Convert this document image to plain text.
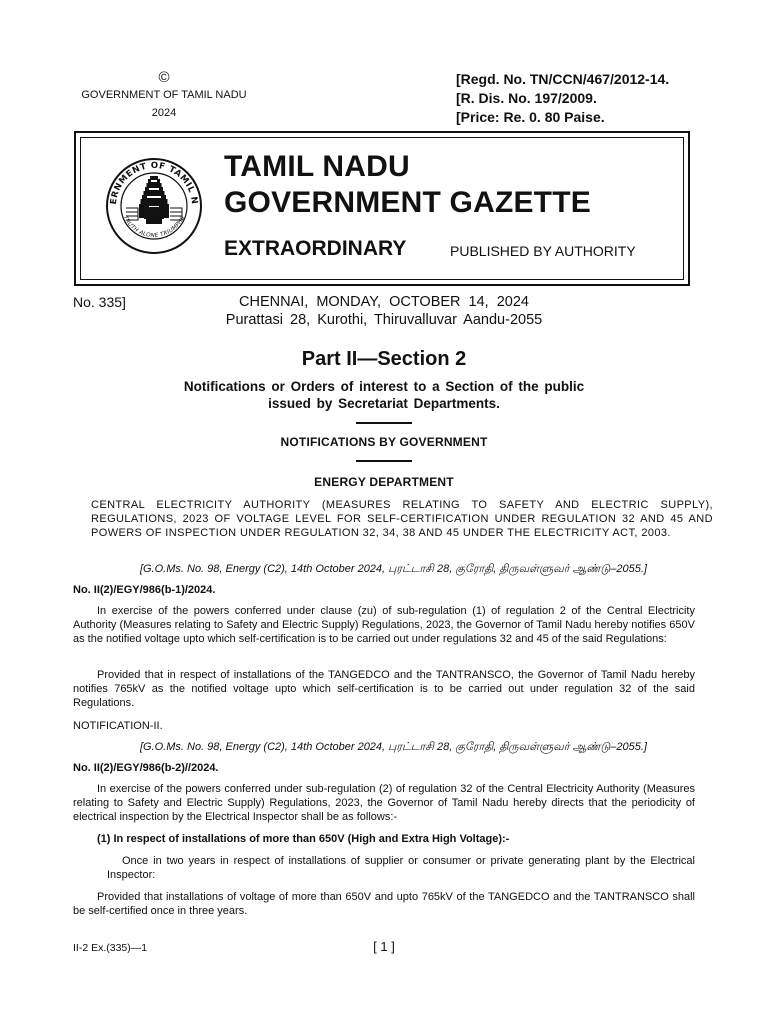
©
GOVERNMENT OF TAMIL NADU
2024
[Regd. No. TN/CCN/467/2012-14.
[R. Dis. No. 197/2009.
[Price: Re. 0. 80 Paise.
ERNMENT OF TAMIL N
TRUTH ALONE TRIUMPHS
TAMIL NADU
GOVERNMENT GAZETTE
EXTRAORDINARY	PUBLISHED BY AUTHORITY
No. 335]	CHENNAI, MONDAY, OCTOBER 14, 2024
Purattasi 28, Kurothi, Thiruvalluvar Aandu-2055
Part II—Section 2
Notifications or Orders of interest to a Section of the public
issued by Secretariat Departments.
NOTIFICATIONS BY GOVERNMENT
ENERGY DEPARTMENT
CENTRAL ELECTRICITY AUTHORITY (MEASURES RELATING TO SAFETY AND ELECTRIC SUPPLY), REGULATIONS, 2023 OF VOLTAGE LEVEL FOR SELF-CERTIFICATION UNDER REGULATION 32 AND 45 AND POWERS OF INSPECTION UNDER REGULATION 32, 34, 38 AND 45 UNDER THE ELECTRICITY ACT, 2003.
[G.O.Ms. No. 98, Energy (C2), 14th October 2024, புரட்டாசி 28, குரோதி, திருவள்ளுவர் ஆண்டு–2055.]
No. II(2)/EGY/986(b-1)/2024.
In exercise of the powers conferred under clause (zu) of sub-regulation (1) of regulation 2 of the Central Electricity Authority (Measures relating to Safety and Electric Supply) Regulations, 2023, the Governor of Tamil Nadu hereby notifies 650V as the notified voltage upto which self-certification is to be carried out under regulations 32 and 45 of the said Regulations:
Provided that in respect of installations of the TANGEDCO and the TANTRANSCO, the Governor of Tamil Nadu hereby notifies 765kV as the notified voltage upto which self-certification is to be carried out under regulation 32 of the said Regulations.
NOTIFICATION-II.
[G.O.Ms. No. 98, Energy (C2), 14th October 2024, புரட்டாசி 28, குரோதி, திருவள்ளுவர் ஆண்டு–2055.]
No. II(2)/EGY/986(b-2)//2024.
In exercise of the powers conferred under sub-regulation (2) of regulation 32 of the Central Electricity Authority (Measures relating to Safety and Electric Supply) Regulations, 2023, the Governor of Tamil Nadu hereby directs that the periodicity of electrical inspection by the Electrical Inspector shall be as follows:-
(1) In respect of installations of more than 650V (High and Extra High Voltage):-
Once in two years in respect of installations of supplier or consumer or private generating plant by the Electrical Inspector:
Provided that installations of voltage of more than 650V and upto 765kV of the TANGEDCO and the TANTRANSCO shall be self-certified once in three years.
II-2 Ex.(335)—1	[ 1 ]
